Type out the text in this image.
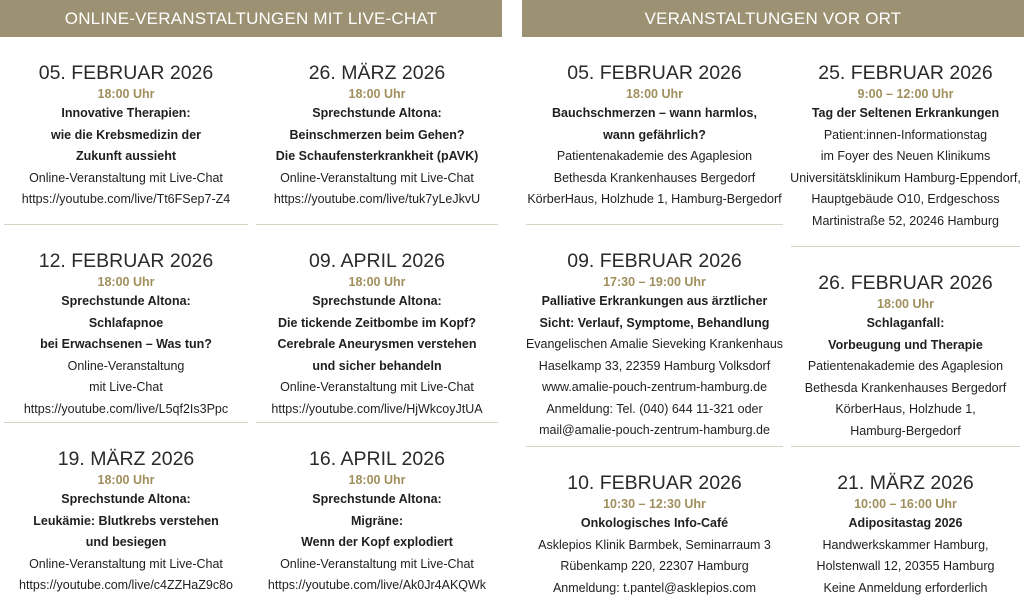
ONLINE-VERANSTALTUNGEN MIT LIVE-CHAT	VERANSTALTUNGEN VOR ORT
05. FEBRUAR 2026
18:00 Uhr
Innovative Therapien:
wie die Krebsmedizin der
Zukunft aussieht
Online-Veranstaltung mit Live-Chat
https://youtube.com/live/Tt6FSep7-Z4
12. FEBRUAR 2026
18:00 Uhr
Sprechstunde Altona:
Schlafapnoe
bei Erwachsenen – Was tun?
Online-Veranstaltung
mit Live-Chat
https://youtube.com/live/L5qf2Is3Ppc
19. MÄRZ 2026
18:00 Uhr
Sprechstunde Altona:
Leukämie: Blutkrebs verstehen
und besiegen
Online-Veranstaltung mit Live-Chat
https://youtube.com/live/c4ZZHaZ9c8o
26. MÄRZ 2026
18:00 Uhr
Sprechstunde Altona:
Beinschmerzen beim Gehen?
Die Schaufensterkrankheit (pAVK)
Online-Veranstaltung mit Live-Chat
https://youtube.com/live/tuk7yLeJkvU
09. APRIL 2026
18:00 Uhr
Sprechstunde Altona:
Die tickende Zeitbombe im Kopf?
Cerebrale Aneurysmen verstehen
und sicher behandeln
Online-Veranstaltung mit Live-Chat
https://youtube.com/live/HjWkcoyJtUA
16. APRIL 2026
18:00 Uhr
Sprechstunde Altona:
Migräne:
Wenn der Kopf explodiert
Online-Veranstaltung mit Live-Chat
https://youtube.com/live/Ak0Jr4AKQWk
05. FEBRUAR 2026
18:00 Uhr
Bauchschmerzen – wann harmlos,
wann gefährlich?
Patientenakademie des Agaplesion
Bethesda Krankenhauses Bergedorf
KörberHaus, Holzhude 1, Hamburg-Bergedorf
09. FEBRUAR 2026
17:30 – 19:00 Uhr
Palliative Erkrankungen aus ärztlicher
Sicht: Verlauf, Symptome, Behandlung
Evangelischen Amalie Sieveking Krankenhaus
Haselkamp 33, 22359 Hamburg Volksdorf
www.amalie-pouch-zentrum-hamburg.de
Anmeldung: Tel. (040) 644 11-321 oder
mail@amalie-pouch-zentrum-hamburg.de
10. FEBRUAR 2026
10:30 – 12:30 Uhr
Onkologisches Info-Café
Asklepios Klinik Barmbek, Seminarraum 3
Rübenkamp 220, 22307 Hamburg
Anmeldung: t.pantel@asklepios.com
25. FEBRUAR 2026
9:00 – 12:00 Uhr
Tag der Seltenen Erkrankungen
Patient:innen-Informationstag
im Foyer des Neuen Klinikums
Universitätsklinikum Hamburg-Eppendorf,
Hauptgebäude O10, Erdgeschoss
Martinistraße 52, 20246 Hamburg
26. FEBRUAR 2026
18:00 Uhr
Schlaganfall:
Vorbeugung und Therapie
Patientenakademie des Agaplesion
Bethesda Krankenhauses Bergedorf
KörberHaus, Holzhude 1,
Hamburg-Bergedorf
21. MÄRZ 2026
10:00 – 16:00 Uhr
Adipositastag 2026
Handwerkskammer Hamburg,
Holstenwall 12, 20355 Hamburg
Keine Anmeldung erforderlich
